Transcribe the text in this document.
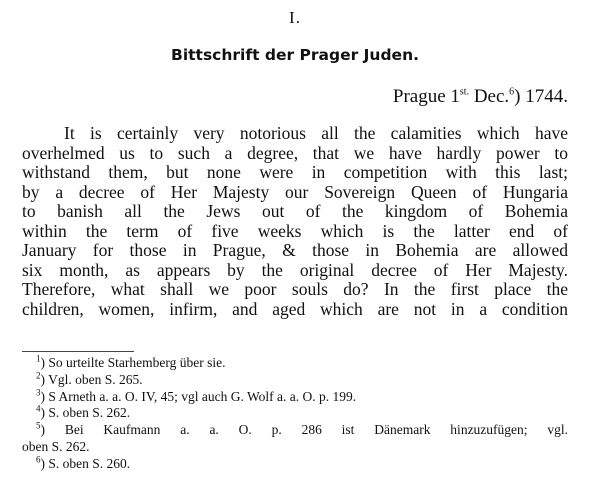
I.
Bittschrift der Prager Juden.
Prague $1^{st.}$ Dec.$^6$) 1744.
It is certainly very notorious all the calamities which have
overhelmed us to such a degree, that we have hardly power to
withstand them, but none were in competition with this last;
by a decree of Her Majesty our Sovereign Queen of Hungaria
to banish all the Jews out of the kingdom of Bohemia
within the term of five weeks which is the latter end of
January for those in Prague, & those in Bohemia are allowed
six month, as appears by the original decree of Her Majesty.
Therefore, what shall we poor souls do? In the first place the
children, women, infirm, and aged which are not in a condition
$^1$) So urteilte Starhemberg über sie.
$^2$) Vgl. oben S. 265.
$^3$) S Arneth a. a. O. IV, 45; vgl auch G. Wolf a. a. O. p. 199.
$^4$) S. oben S. 262.
$^5$) Bei Kaufmann a. a. O. p. 286 ist Dänemark hinzuzufügen; vgl.
oben S. 262.
$^6$) S. oben S. 260.
